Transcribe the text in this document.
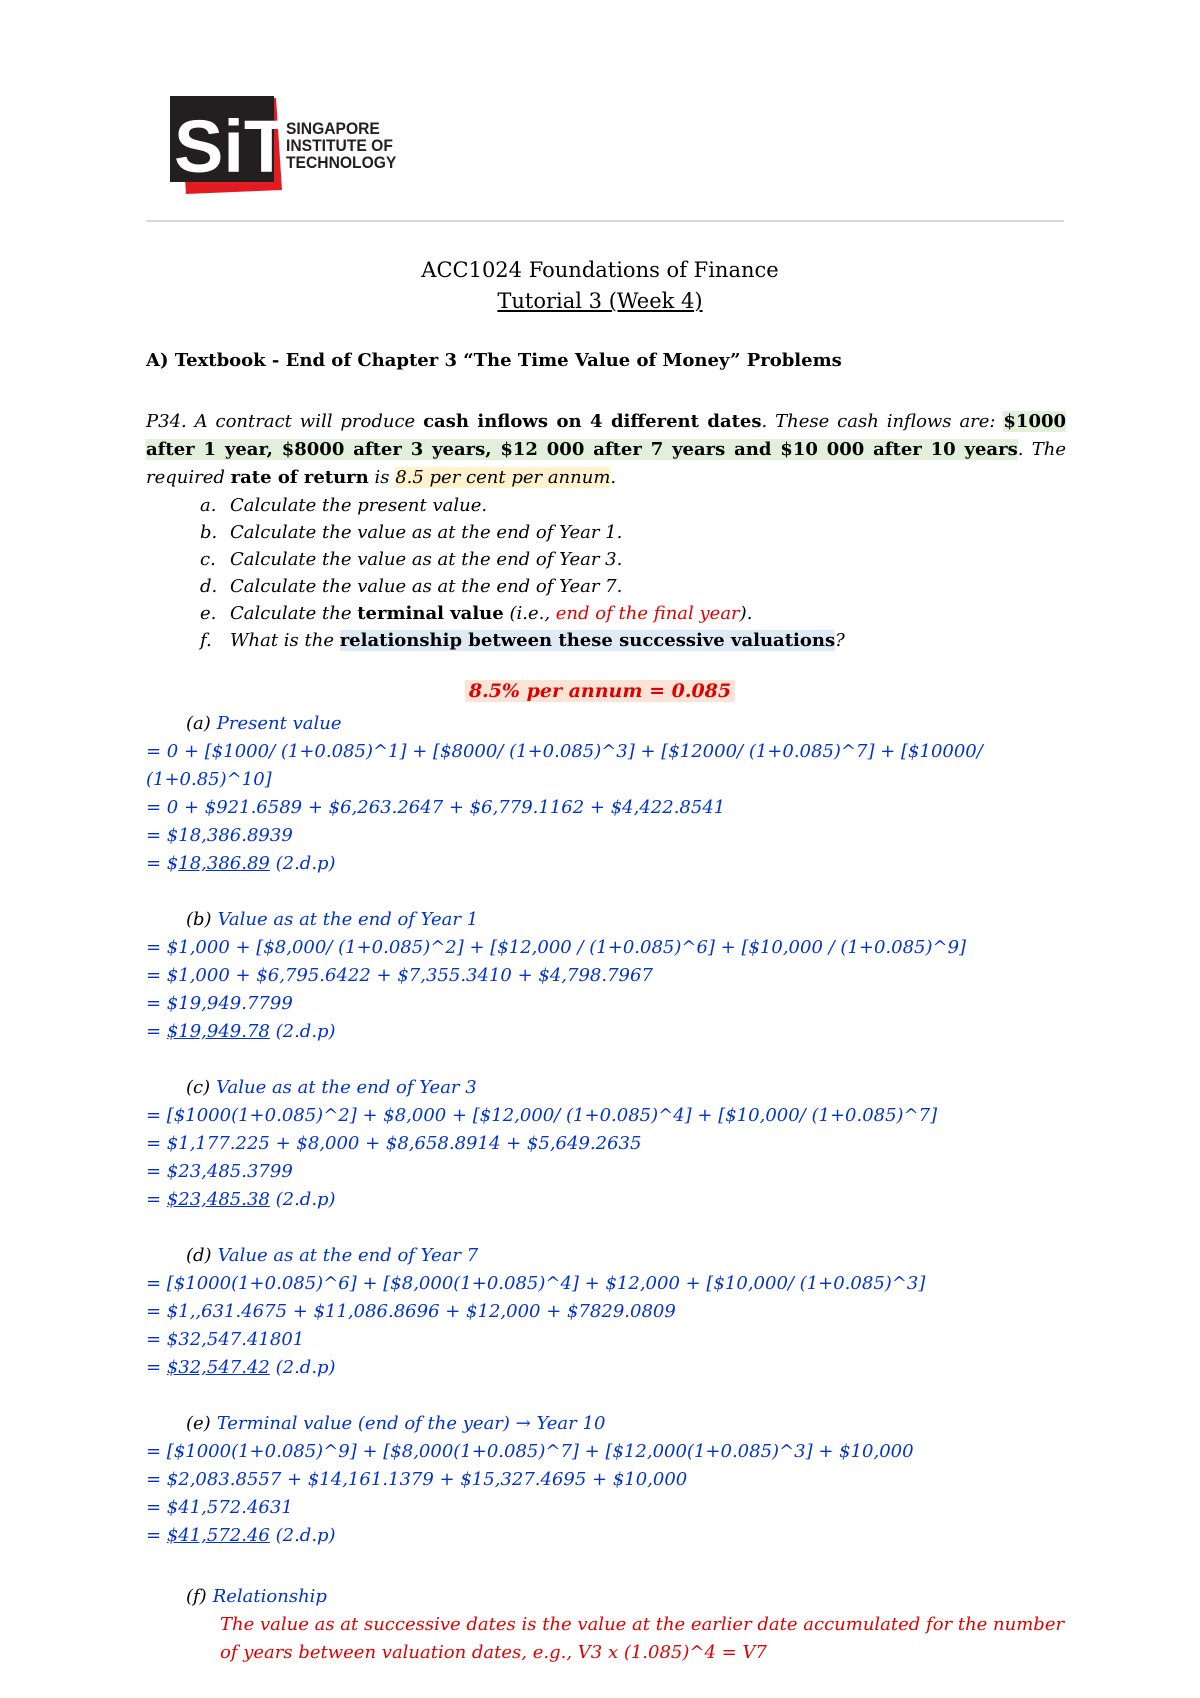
SiT
SINGAPORE
INSTITUTE OF
TECHNOLOGY
ACC1024 Foundations of Finance
Tutorial 3 (Week 4)
A) Textbook - End of Chapter 3 “The Time Value of Money” Problems
P34. A contract will produce cash inflows on 4 different dates. These cash inflows are: $1000 after 1 year, $8000 after 3 years, $12 000 after 7 years and $10 000 after 10 years. The required rate of return is 8.5 per cent per annum.
a. Calculate the present value.
b. Calculate the value as at the end of Year 1.
c. Calculate the value as at the end of Year 3.
d. Calculate the value as at the end of Year 7.
e. Calculate the terminal value (i.e., end of the final year).
f.	What is the relationship between these successive valuations?
8.5% per annum = 0.085
(a) Present value
= 0 + [$1000/ (1+0.085)^1] + [$8000/ (1+0.085)^3] + [$12000/ (1+0.085)^7] + [$10000/ (1+0.85)^10]
= 0 + $921.6589 + $6,263.2647 + $6,779.1162 + $4,422.8541
= $18,386.8939
= $18,386.89 (2.d.p)
(b) Value as at the end of Year 1
= $1,000 + [$8,000/ (1+0.085)^2] + [$12,000 / (1+0.085)^6] + [$10,000 / (1+0.085)^9]
= $1,000 + $6,795.6422 + $7,355.3410 + $4,798.7967
= $19,949.7799
= $19,949.78 (2.d.p)
(c) Value as at the end of Year 3
= [$1000(1+0.085)^2] + $8,000 + [$12,000/ (1+0.085)^4] + [$10,000/ (1+0.085)^7]
= $1,177.225 + $8,000 + $8,658.8914 + $5,649.2635
= $23,485.3799
= $23,485.38 (2.d.p)
(d) Value as at the end of Year 7
= [$1000(1+0.085)^6] + [$8,000(1+0.085)^4] + $12,000 + [$10,000/ (1+0.085)^3]
= $1,,631.4675 + $11,086.8696 + $12,000 + $7829.0809
= $32,547.41801
= $32,547.42 (2.d.p)
(e) Terminal value (end of the year) → Year 10
= [$1000(1+0.085)^9] + [$8,000(1+0.085)^7] + [$12,000(1+0.085)^3] + $10,000
= $2,083.8557 + $14,161.1379 + $15,327.4695 + $10,000
= $41,572.4631
= $41,572.46 (2.d.p)
(f) Relationship
The value as at successive dates is the value at the earlier date accumulated for the number of years between valuation dates, e.g., V3 x (1.085)^4 = V7
